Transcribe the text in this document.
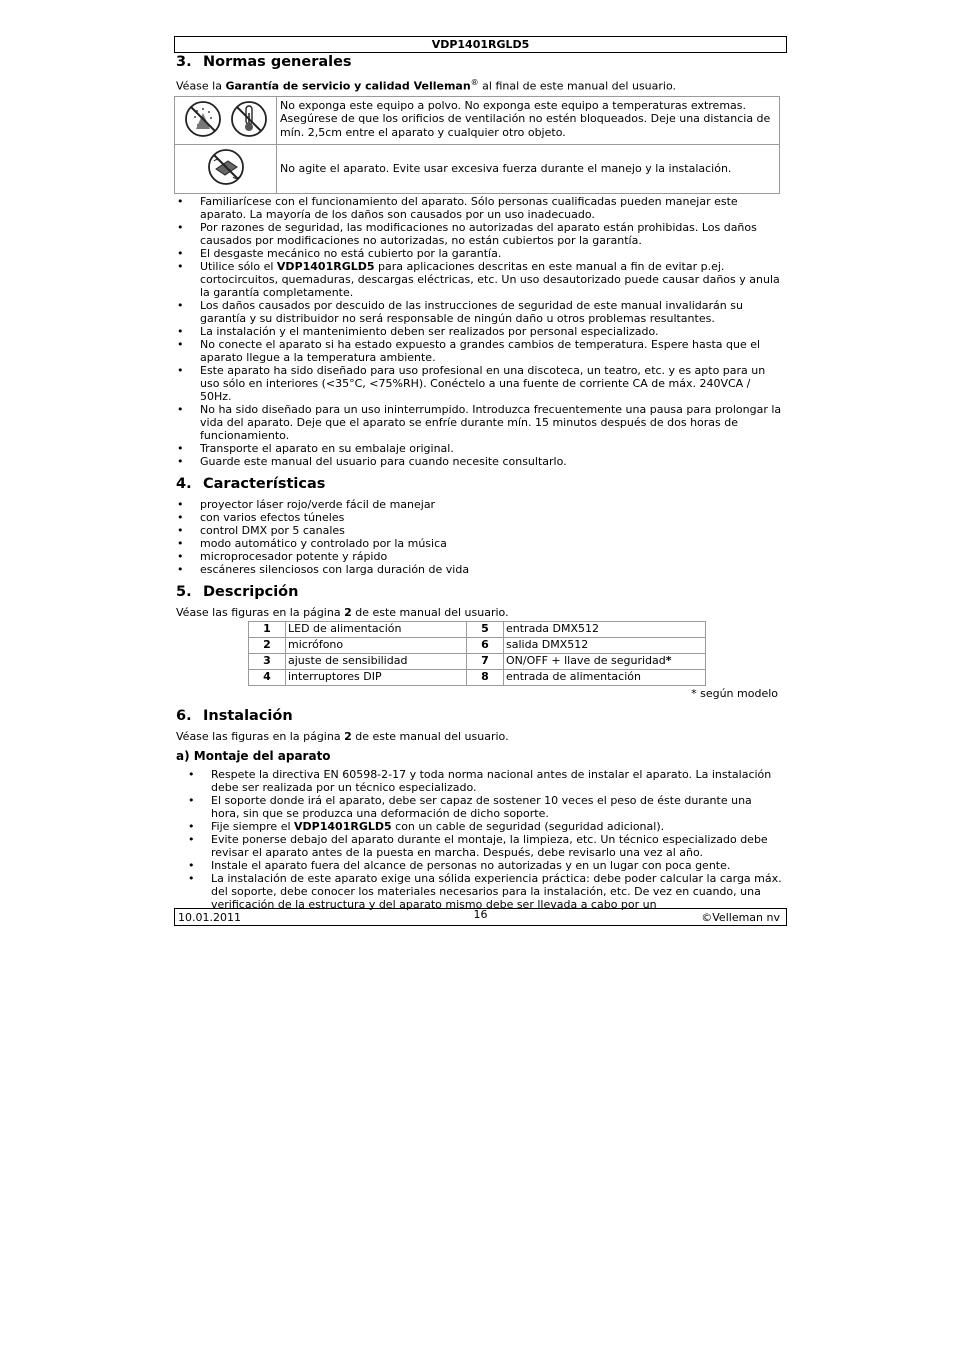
VDP1401RGLD5
3. Normas generales

Véase la Garantía de servicio y calidad Velleman® al final de este manual del usuario.

	No exponga este equipo a polvo. No exponga este equipo a temperaturas extremas. Asegúrese de que los orificios de ventilación no estén bloqueados. Deje una distancia de mín. 2,5cm entre el aparato y cualquier otro objeto.
	No agite el aparato. Evite usar excesiva fuerza durante el manejo y la instalación.
• Familiarícese con el funcionamiento del aparato. Sólo personas cualificadas pueden manejar este aparato. La mayoría de los daños son causados por un uso inadecuado.
• Por razones de seguridad, las modificaciones no autorizadas del aparato están prohibidas. Los daños causados por modificaciones no autorizadas, no están cubiertos por la garantía.
• El desgaste mecánico no está cubierto por la garantía.
• Utilice sólo el VDP1401RGLD5 para aplicaciones descritas en este manual a fin de evitar p.ej. cortocircuitos, quemaduras, descargas eléctricas, etc. Un uso desautorizado puede causar daños y anula la garantía completamente.
• Los daños causados por descuido de las instrucciones de seguridad de este manual invalidarán su garantía y su distribuidor no será responsable de ningún daño u otros problemas resultantes.
• La instalación y el mantenimiento deben ser realizados por personal especializado.
• No conecte el aparato si ha estado expuesto a grandes cambios de temperatura. Espere hasta que el aparato llegue a la temperatura ambiente.
• Este aparato ha sido diseñado para uso profesional en una discoteca, un teatro, etc. y es apto para un uso sólo en interiores (<35°C, <75%RH). Conéctelo a una fuente de corriente CA de máx. 240VCA / 50Hz.
• No ha sido diseñado para un uso ininterrumpido. Introduzca frecuentemente una pausa para prolongar la vida del aparato. Deje que el aparato se enfríe durante mín. 15 minutos después de dos horas de funcionamiento.
• Transporte el aparato en su embalaje original.
• Guarde este manual del usuario para cuando necesite consultarlo.
4. Características
• proyector láser rojo/verde fácil de manejar
• con varios efectos túneles
• control DMX por 5 canales
• modo automático y controlado por la música
• microprocesador potente y rápido
• escáneres silenciosos con larga duración de vida
5. Descripción

Véase las figuras en la página 2 de este manual del usuario.

1	LED de alimentación	5	entrada DMX512
2	micrófono	6	salida DMX512
3	ajuste de sensibilidad	7	ON/OFF + llave de seguridad*
4	interruptores DIP	8	entrada de alimentación

* según modelo

6. Instalación

Véase las figuras en la página 2 de este manual del usuario.

a) Montaje del aparato
• Respete la directiva EN 60598-2-17 y toda norma nacional antes de instalar el aparato. La instalación debe ser realizada por un técnico especializado.
• El soporte donde irá el aparato, debe ser capaz de sostener 10 veces el peso de éste durante una hora, sin que se produzca una deformación de dicho soporte.
• Fije siempre el VDP1401RGLD5 con un cable de seguridad (seguridad adicional).
• Evite ponerse debajo del aparato durante el montaje, la limpieza, etc. Un técnico especializado debe revisar el aparato antes de la puesta en marcha. Después, debe revisarlo una vez al año.
• Instale el aparato fuera del alcance de personas no autorizadas y en un lugar con poca gente.
• La instalación de este aparato exige una sólida experiencia práctica: debe poder calcular la carga máx. del soporte, debe conocer los materiales necesarios para la instalación, etc. De vez en cuando, una verificación de la estructura y del aparato mismo debe ser llevada a cabo por un
10.01.2011	16	©Velleman nv
